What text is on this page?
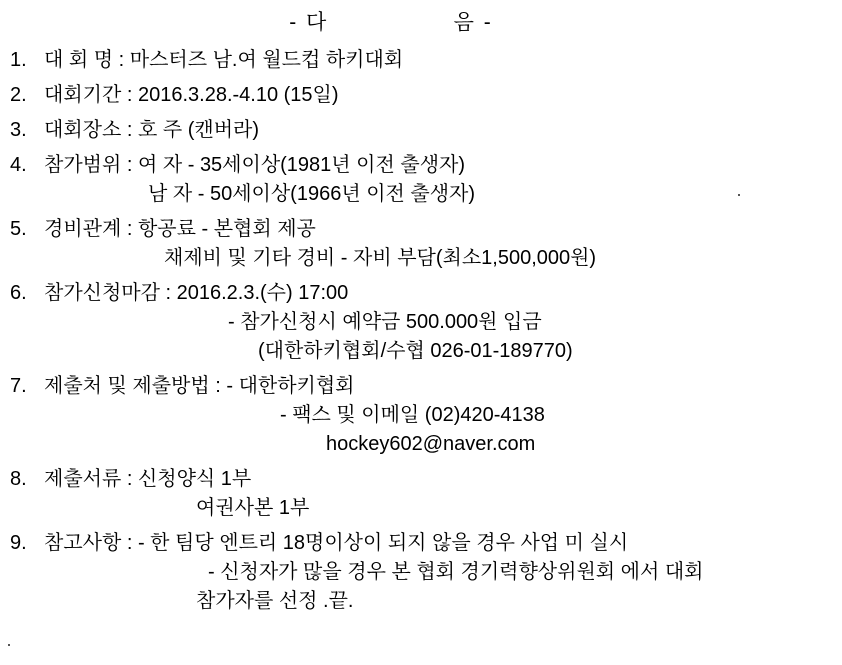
- 다                음 -
1. 대 회 명 : 마스터즈 남.여 월드컵 하키대회
2. 대회기간 : 2016.3.28.-4.10 (15일)
3. 대회장소 : 호 주 (캔버라)
4. 참가범위 : 여 자 - 35세이상(1981년 이전 출생자)
남 자 - 50세이상(1966년 이전 출생자)
5. 경비관계 : 항공료 - 본협회 제공
채제비 및 기타 경비 - 자비 부담(최소1,500,000원)
6. 참가신청마감 : 2016.2.3.(수) 17:00
- 참가신청시 예약금 500.000원 입금
(대한하키협회/수협 026-01-189770)
7. 제출처 및 제출방법 : - 대한하키협회
- 팩스 및 이메일 (02)420-4138
hockey602@naver.com
8. 제출서류 : 신청양식 1부
여권사본 1부
9. 참고사항 : - 한 팀당 엔트리 18명이상이 되지 않을 경우 사업 미 실시
- 신청자가 많을 경우 본 협회 경기력향상위원회 에서 대회
참가자를 선정 .끝.
